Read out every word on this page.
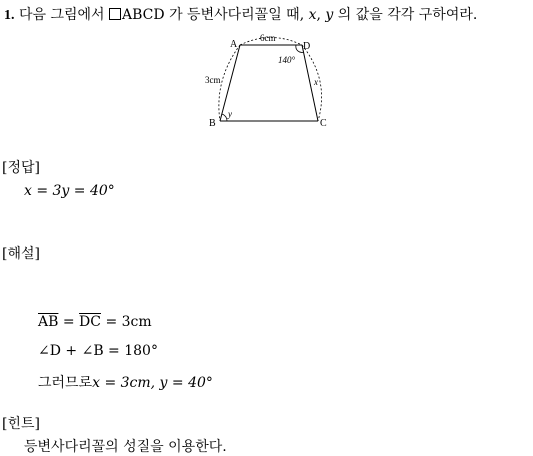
1. 다음 그림에서 ABCD 가 등변사다리꼴일 때, x, y 의 값을 각각 구하여라.
A	D
B	C
6cm
3cm
140°
x
y
[정답]
x = 3y = 40°
[해설]
$\overline{AB} = \overline{DC} = 3cm$
∠D + ∠B = 180°
그러므로x = 3cm, y = 40°
[힌트]
등변사다리꼴의 성질을 이용한다.
